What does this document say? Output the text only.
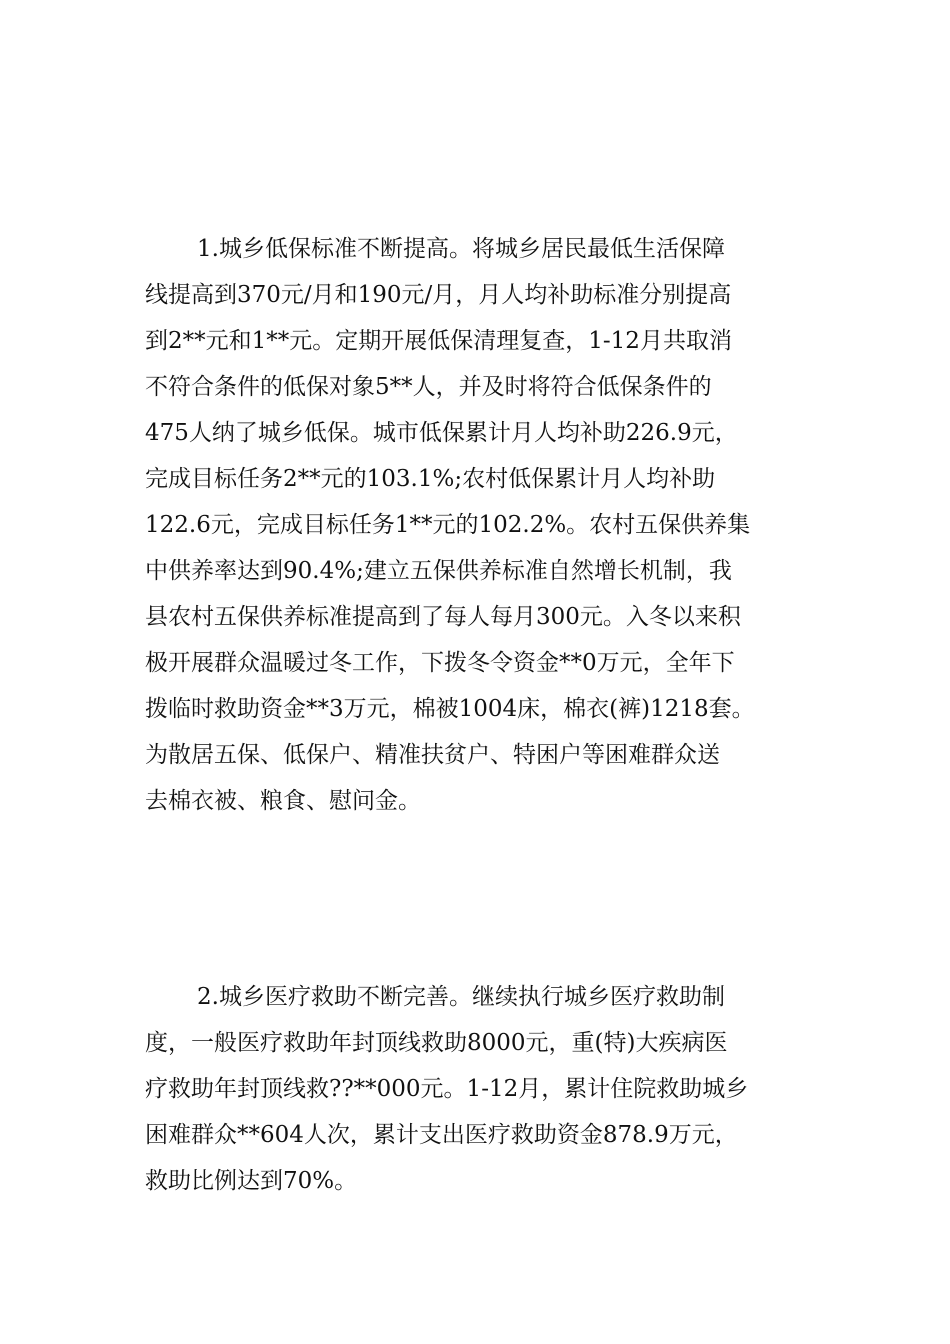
1.城乡低保标准不断提高。将城乡居民最低生活保障
线提高到370元/月和190元/月，月人均补助标准分别提高
到2**元和1**元。定期开展低保清理复查，1-12月共取消
不符合条件的低保对象5**人，并及时将符合低保条件的
475人纳了城乡低保。城市低保累计月人均补助226.9元，
完成目标任务2**元的103.1%;农村低保累计月人均补助
122.6元，完成目标任务1**元的102.2%。农村五保供养集
中供养率达到90.4%;建立五保供养标准自然增长机制，我
县农村五保供养标准提高到了每人每月300元。入冬以来积
极开展群众温暖过冬工作，下拨冬令资金**0万元，全年下
拨临时救助资金**3万元，棉被1004床，棉衣(裤)1218套。
为散居五保、低保户、精准扶贫户、特困户等困难群众送
去棉衣被、粮食、慰问金。
2.城乡医疗救助不断完善。继续执行城乡医疗救助制
度，一般医疗救助年封顶线救助8000元，重(特)大疾病医
疗救助年封顶线救??**000元。1-12月，累计住院救助城乡
困难群众**604人次，累计支出医疗救助资金878.9万元，
救助比例达到70%。
